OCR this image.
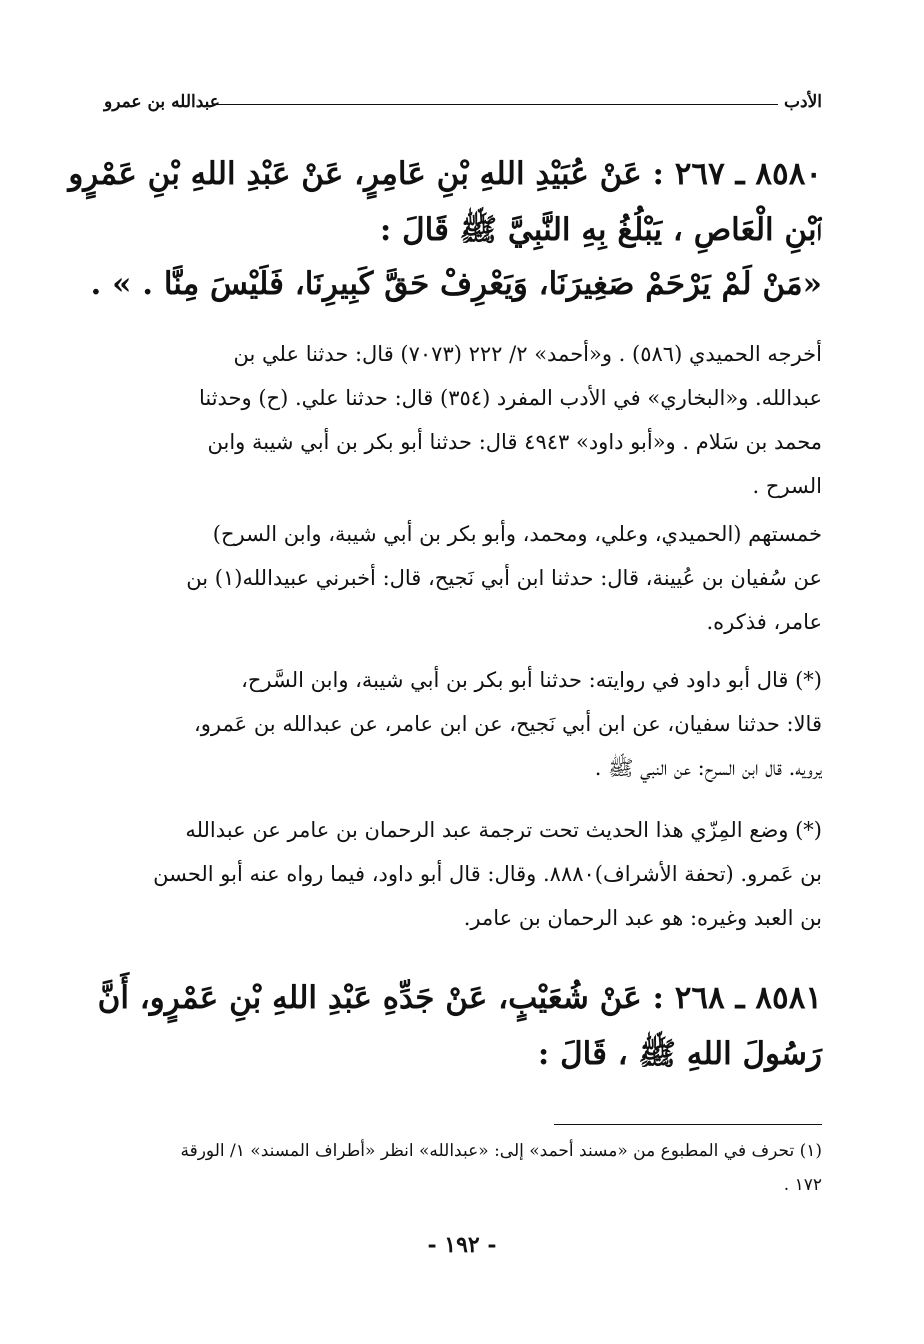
الأدب
عبدالله بن عمرو
٨٥٨٠ ـ ٢٦٧ : عَنْ عُبَيْدِ اللهِ بْنِ عَامِرٍ، عَنْ عَبْدِ اللهِ بْنِ عَمْرٍو
ٱبْنِ الْعَاصِ ، يَبْلُغُ بِهِ النَّبِيَّ ﷺ قَالَ :
«مَنْ لَمْ يَرْحَمْ صَغِيرَنَا، وَيَعْرِفْ حَقَّ كَبِيرِنَا، فَلَيْسَ مِنَّا . » .
أخرجه الحميدي (٥٨٦) . و«أحمد» ٢/ ٢٢٢ (٧٠٧٣) قال: حدثنا علي بن
عبدالله. و«البخاري» في الأدب المفرد (٣٥٤) قال: حدثنا علي. (ح) وحدثنا
محمد بن سَلام . و«أبو داود» ٤٩٤٣ قال: حدثنا أبو بكر بن أبي شيبة وابن
السرح .
خمستهم (الحميدي، وعلي، ومحمد، وأبو بكر بن أبي شيبة، وابن السرح)
عن سُفيان بن عُيينة، قال: حدثنا ابن أبي نَجيح، قال: أخبرني عبيدالله(١) بن
عامر، فذكره.
(*) قال أبو داود في روايته: حدثنا أبو بكر بن أبي شيبة، وابن السَّرح،
قالا: حدثنا سفيان، عن ابن أبي نَجيح، عن ابن عامر، عن عبدالله بن عَمرو،
يرويه. قال ابن السرح: عن النبي ﷺ .
(*) وضع المِزّي هذا الحديث تحت ترجمة عبد الرحمان بن عامر عن عبدالله
بن عَمرو. (تحفة الأشراف)٨٨٨٠. وقال: قال أبو داود، فيما رواه عنه أبو الحسن
بن العبد وغيره: هو عبد الرحمان بن عامر.
٨٥٨١ ـ ٢٦٨ : عَنْ شُعَيْبٍ، عَنْ جَدِّهِ عَبْدِ اللهِ بْنِ عَمْرٍو، أَنَّ
رَسُولَ اللهِ ﷺ ، قَالَ :
(١) تحرف في المطبوع من «مسند أحمد» إلى: «عبدالله» انظر «أطراف المسند» ١/ الورقة
١٧٢ .
- ١٩٢ -
